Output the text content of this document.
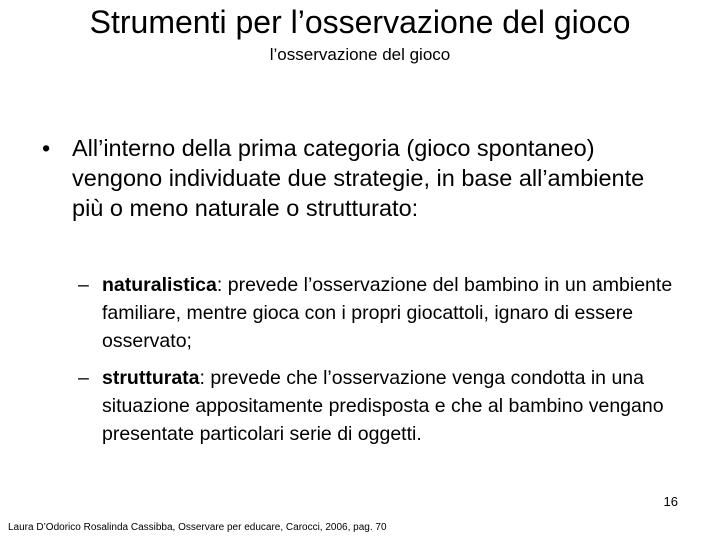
Strumenti per l’osservazione del gioco
l’osservazione del gioco
• All’interno della prima categoria (gioco spontaneo) vengono individuate due strategie, in base all’ambiente più o meno naturale o strutturato:
– naturalistica: prevede l’osservazione del bambino in un ambiente familiare, mentre gioca con i propri giocattoli, ignaro di essere osservato;
– strutturata: prevede che l’osservazione venga condotta in una situazione appositamente predisposta e che al bambino vengano presentate particolari serie di oggetti.
16
Laura D’Odorico Rosalinda Cassibba, Osservare per educare, Carocci, 2006, pag. 70
